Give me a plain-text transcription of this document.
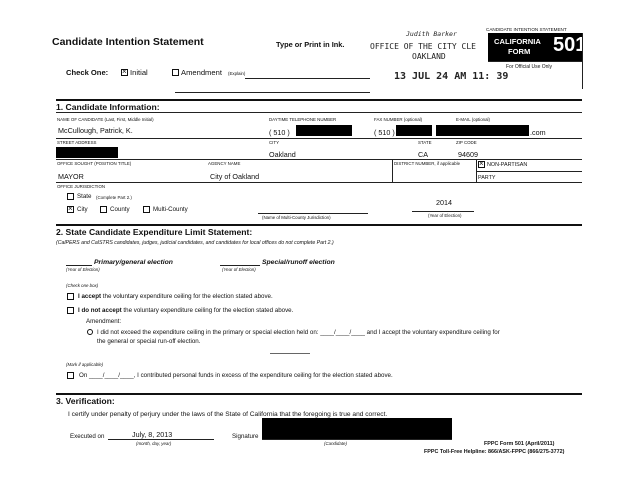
Candidate Intention Statement	Type or Print in Ink.
CANDIDATE INTENTION STATEMENT
CALIFORNIA
FORM 501
For Official Use Only
Judith Barker
OFFICE OF THE CITY CLE
OAKLAND
13 JUL 24 AM 11: 39
Check One: ×	Initial	Amendment (Explain)
1. Candidate Information:
NAME OF CANDIDATE (Last, First, Middle Initial)
McCullough, Patrick, K.
DAYTIME TELEPHONE NUMBER
( 510 )
FAX NUMBER (optional)
( 510 )
E-MAIL (optional)
.com
STREET ADDRESS	CITY
Oakland
STATE
CA
ZIP CODE
94609
OFFICE SOUGHT (POSITION TITLE)
MAYOR
AGENCY NAME
City of Oakland
DISTRICT NUMBER, if applicable ×	NON-PARTISAN
PARTY
OFFICE JURISDICTION
State (Complete Part 2.)
×
City	County	Multi-County
(Name of Multi-County Jurisdiction)
2014
(Year of Election)
2. State Candidate Expenditure Limit Statement:
(CalPERS and CalSTRS candidates, judges, judicial candidates, and candidates for local offices do not complete Part 2.)
(Year of Election)
Primary/general election
(Year of Election)
Special/runoff election
(Check one box)
I accept the voluntary expenditure ceiling for the election stated above.
I do not accept the voluntary expenditure ceiling for the election stated above.
Amendment:
I did not exceed the expenditure ceiling in the primary or special election held on: ____/____/____ and I accept the voluntary expenditure ceiling for
the general or special run-off election.
(Mark if applicable)
On ____/____/____, I contributed personal funds in excess of the expenditure ceiling for the election stated above.
3. Verification:
I certify under penalty of perjury under the laws of the State of California that the foregoing is true and correct.
Executed on	July, 8, 2013
(month, day, year)
Signature
(Candidate)	FPPC Form 501 (April/2011)
FPPC Toll-Free Helpline: 866/ASK-FPPC (866/275-3772)
